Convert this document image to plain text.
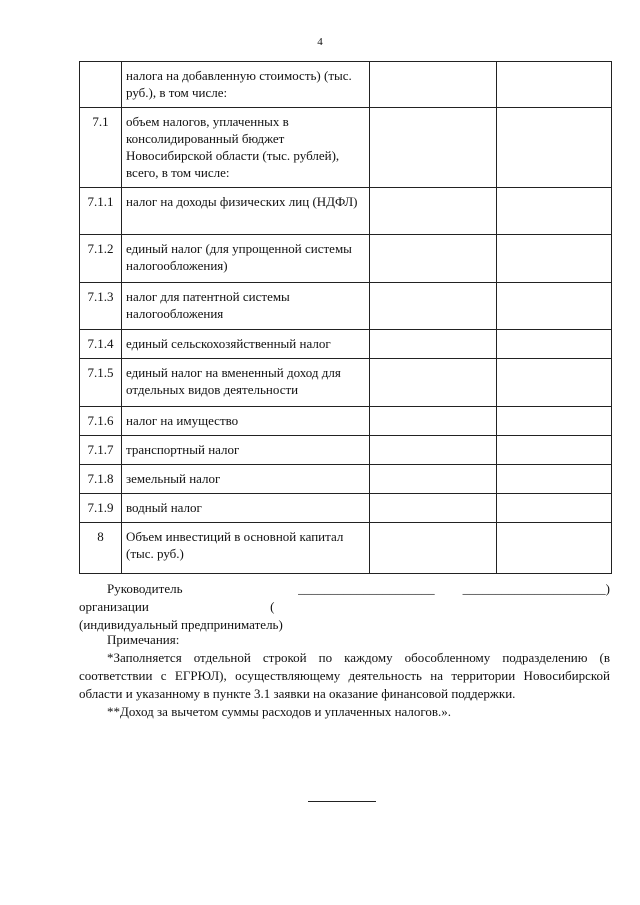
4
	налога на добавленную стоимость) (тыс. руб.), в том числе:		
7.1	объем налогов, уплаченных в консолидированный бюджет Новосибирской области (тыс. рублей), всего, в том числе:		
7.1.1	налог на доходы физических лиц (НДФЛ)		
7.1.2	единый налог (для упрощенной системы налогообложения)		
7.1.3	налог для патентной системы налогообложения		
7.1.4	единый сельскохозяйственный налог		
7.1.5	единый налог на вмененный доход для отдельных видов деятельности		
7.1.6	налог на имущество		
7.1.7	транспортный налог		
7.1.8	земельный налог		
7.1.9	водный налог		
8	Объем инвестиций в основной капитал (тыс. руб.)		
Руководитель организации

_____________________ (
______________________)
(индивидуальный предприниматель)

Примечания:

*Заполняется отдельной строкой по каждому обособленному подразделению (в соответствии с ЕГРЮЛ), осуществляющему деятельность на территории Новосибирской области и указанному в пункте 3.1 заявки на оказание финансовой поддержки.

**Доход за вычетом суммы расходов и уплаченных налогов.».
